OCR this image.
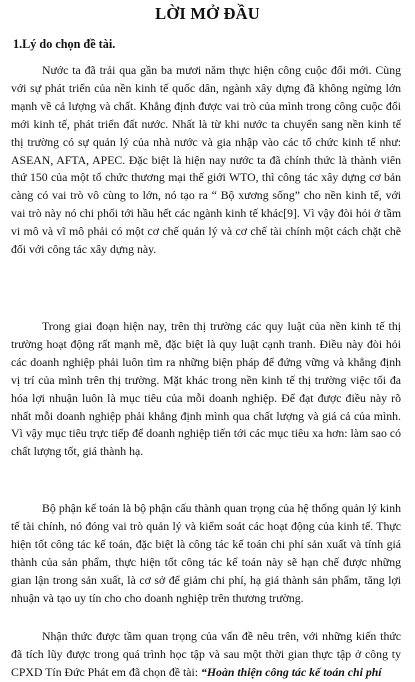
LỜI MỞ ĐẦU
1.Lý do chọn đề tài.

Nước ta đã trải qua gần ba mươi năm thực hiện công cuộc đổi mới. Cùng với sự phát triển của nền kinh tế quốc dân, ngành xây dựng đã không ngừng lớn mạnh về cả lượng và chất. Khẳng định được vai trò của mình trong công cuộc đổi mới kinh tế, phát triển đất nước. Nhất là từ khi nước ta chuyển sang nền kinh tế thị trường có sự quản lý của nhà nước và gia nhập vào các tổ chức kinh tế như: ASEAN, AFTA, APEC. Đặc biệt là hiện nay nước ta đã chính thức là thành viên thứ 150 của một tổ chức thương mại thế giới WTO, thì công tác xây dựng cơ bản càng có vai trò vô cùng to lớn, nó tạo ra “ Bộ xương sống” cho nền kinh tế, với vai trò này nó chi phối tới hầu hết các ngành kinh tế khác[9]. Vì vậy đòi hỏi ở tầm vi mô và vĩ mô phải có một cơ chế quản lý và cơ chế tài chính một cách chặt chẽ đối với công tác xây dựng này.

Trong giai đoạn hiện nay, trên thị trường các quy luật của nền kinh tế thị trường hoạt động rất mạnh mẽ, đặc biệt là quy luật cạnh tranh. Điều này đòi hỏi các doanh nghiệp phải luôn tìm ra những biện pháp để đứng vững và khẳng định vị trí của mình trên thị trường. Mặt khác trong nền kinh tế thị trường việc tối đa hóa lợi nhuận luôn là mục tiêu của mỗi doanh nghiệp. Để đạt được điều này rõ nhất mỗi doanh nghiệp phải khẳng định mình qua chất lượng và giá cả của mình. Vì vậy mục tiêu trực tiếp để doanh nghiệp tiến tới các mục tiêu xa hơn: làm sao có chất lượng tốt, giá thành hạ.

Bộ phận kế toán là bộ phận cấu thành quan trọng của hệ thống quản lý kinh tế tài chính, nó đóng vai trò quản lý và kiểm soát các hoạt động của kinh tế. Thực hiện tốt công tác kế toán, đặc biệt là công tác kế toán chi phí sản xuất và tính giá thành của sản phẩm, thực hiện tốt công tác kế toán này sẽ hạn chế được những gian lận trong sản xuất, là cơ sở để giảm chi phí, hạ giá thành sản phẩm, tăng lợi nhuận và tạo uy tín cho cho doanh nghiệp trên thương trường.

Nhận thức được tầm quan trọng của vấn đề nêu trên, với những kiến thức đã tích lũy được trong quá trình học tập và sau một thời gian thực tập ở công ty CPXD Tín Đức Phát em đã chọn đề tài: “Hoàn thiện công tác kế toán chi phí
